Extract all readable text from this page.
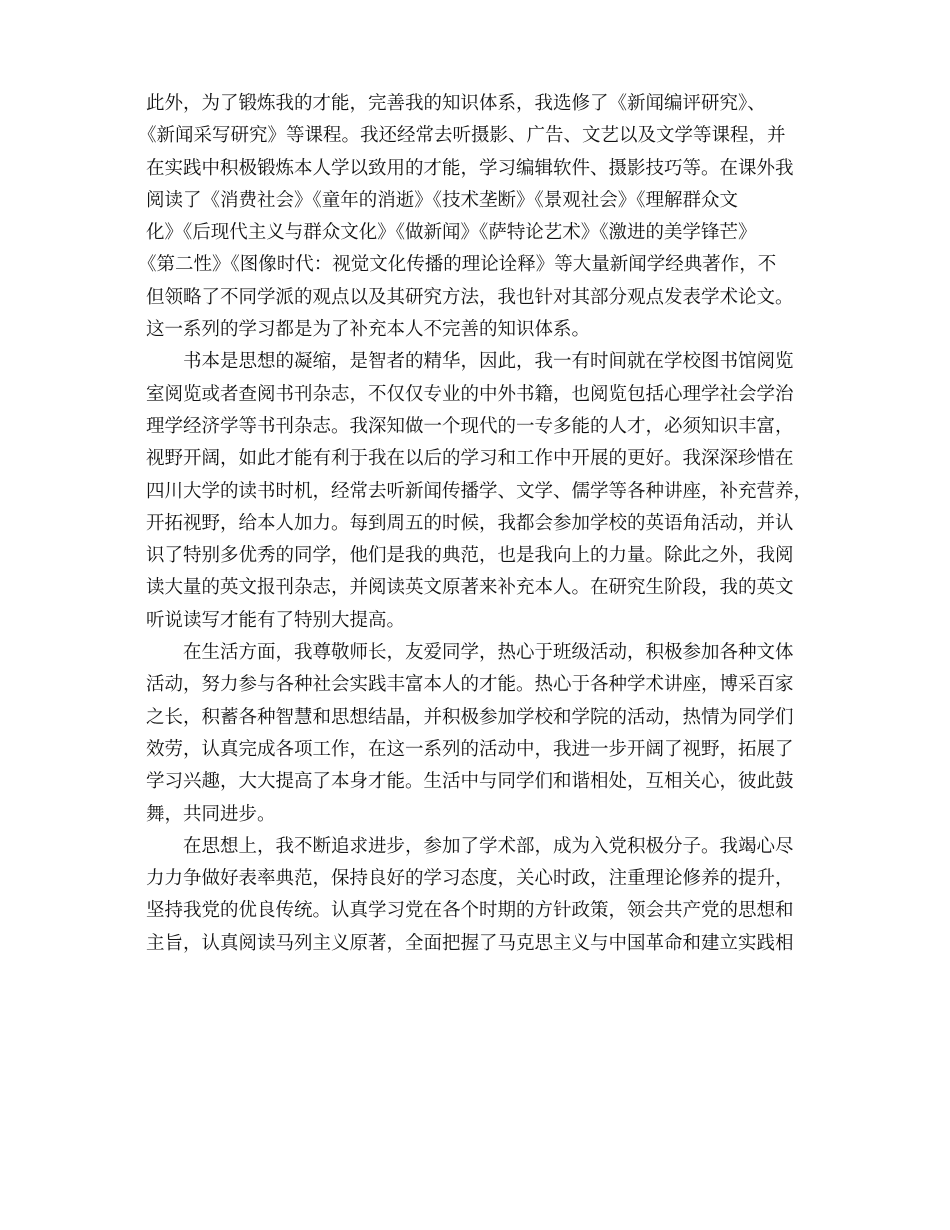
此外，为了锻炼我的才能，完善我的知识体系，我选修了《新闻编评研究》、
《新闻采写研究》等课程。我还经常去听摄影、广告、文艺以及文学等课程，并
在实践中积极锻炼本人学以致用的才能，学习编辑软件、摄影技巧等。在课外我
阅读了《消费社会》《童年的消逝》《技术垄断》《景观社会》《理解群众文
化》《后现代主义与群众文化》《做新闻》《萨特论艺术》《激进的美学锋芒》
《第二性》《图像时代：视觉文化传播的理论诠释》等大量新闻学经典著作，不
但领略了不同学派的观点以及其研究方法，我也针对其部分观点发表学术论文。
这一系列的学习都是为了补充本人不完善的知识体系。
书本是思想的凝缩，是智者的精华，因此，我一有时间就在学校图书馆阅览
室阅览或者查阅书刊杂志，不仅仅专业的中外书籍，也阅览包括心理学社会学治
理学经济学等书刊杂志。我深知做一个现代的一专多能的人才，必须知识丰富，
视野开阔，如此才能有利于我在以后的学习和工作中开展的更好。我深深珍惜在
四川大学的读书时机，经常去听新闻传播学、文学、儒学等各种讲座，补充营养，
开拓视野，给本人加力。每到周五的时候，我都会参加学校的英语角活动，并认
识了特别多优秀的同学，他们是我的典范，也是我向上的力量。除此之外，我阅
读大量的英文报刊杂志，并阅读英文原著来补充本人。在研究生阶段，我的英文
听说读写才能有了特别大提高。
在生活方面，我尊敬师长，友爱同学，热心于班级活动，积极参加各种文体
活动，努力参与各种社会实践丰富本人的才能。热心于各种学术讲座，博采百家
之长，积蓄各种智慧和思想结晶，并积极参加学校和学院的活动，热情为同学们
效劳，认真完成各项工作，在这一系列的活动中，我进一步开阔了视野，拓展了
学习兴趣，大大提高了本身才能。生活中与同学们和谐相处，互相关心，彼此鼓
舞，共同进步。
在思想上，我不断追求进步，参加了学术部，成为入党积极分子。我竭心尽
力力争做好表率典范，保持良好的学习态度，关心时政，注重理论修养的提升，
坚持我党的优良传统。认真学习党在各个时期的方针政策，领会共产党的思想和
主旨，认真阅读马列主义原著，全面把握了马克思主义与中国革命和建立实践相
